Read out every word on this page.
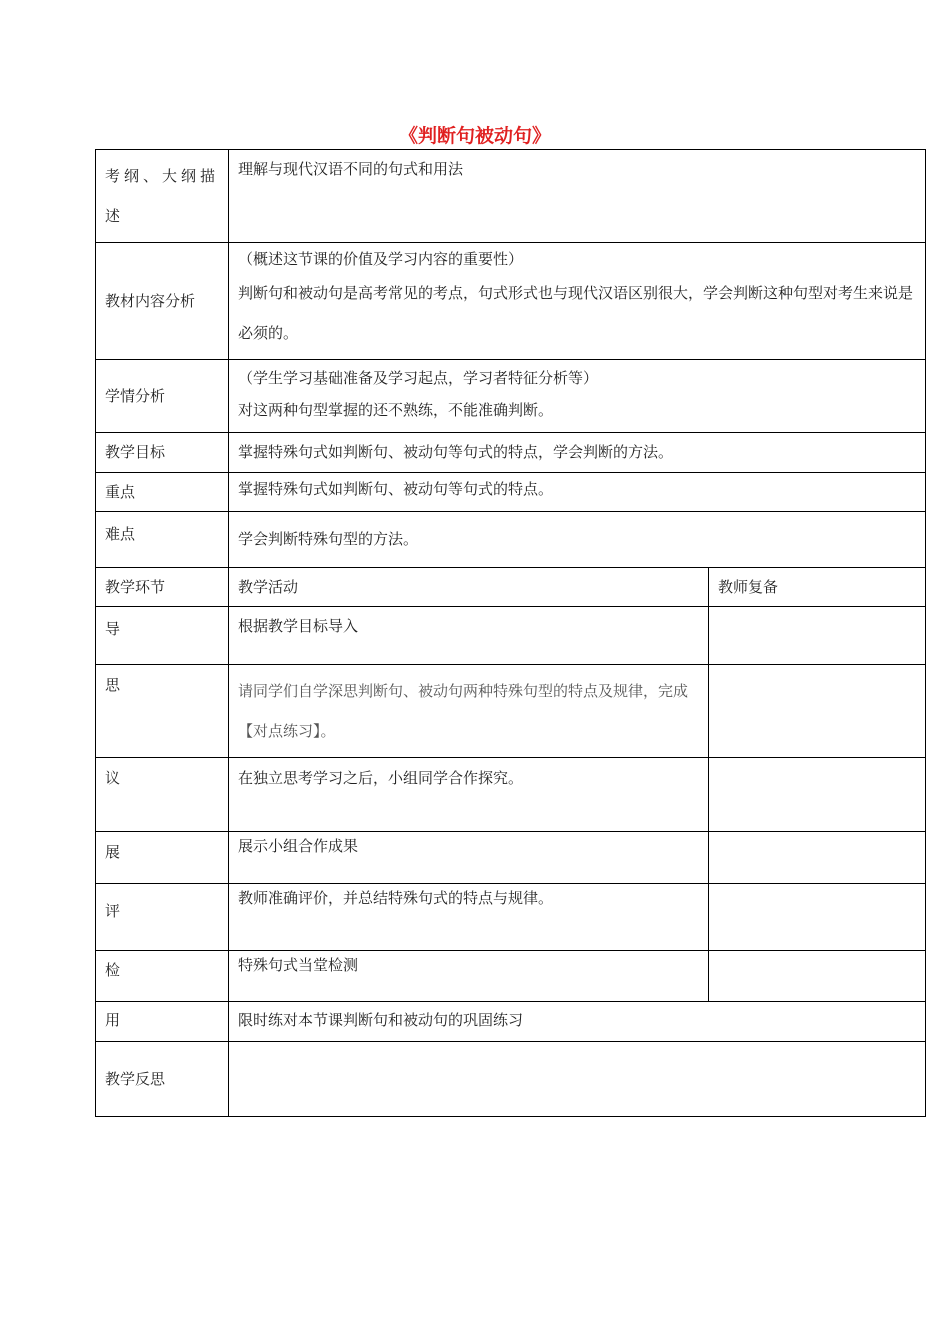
《判断句被动句》
考纲、大纲描述	理解与现代汉语不同的句式和用法	
教材内容分析	（概述这节课的价值及学习内容的重要性）
判断句和被动句是高考常见的考点，句式形式也与现代汉语区别很大，学会判断这种句型对考生来说是必须的。	

学情分析	（学生学习基础准备及学习起点，学习者特征分析等）
对这两种句型掌握的还不熟练，不能准确判断。	

教学目标	掌握特殊句式如判断句、被动句等句式的特点，学会判断的方法。	
重点	掌握特殊句式如判断句、被动句等句式的特点。	
难点	学会判断特殊句型的方法。	
教学环节	教学活动	教师复备
导	根据教学目标导入	
思	请同学们自学深思判断句、被动句两种特殊句型的特点及规律，完成【对点练习】。	
议	在独立思考学习之后，小组同学合作探究。	
展	展示小组合作成果	
评	教师准确评价，并总结特殊句式的特点与规律。	
检	特殊句式当堂检测	
用	限时练对本节课判断句和被动句的巩固练习	
教学反思		
